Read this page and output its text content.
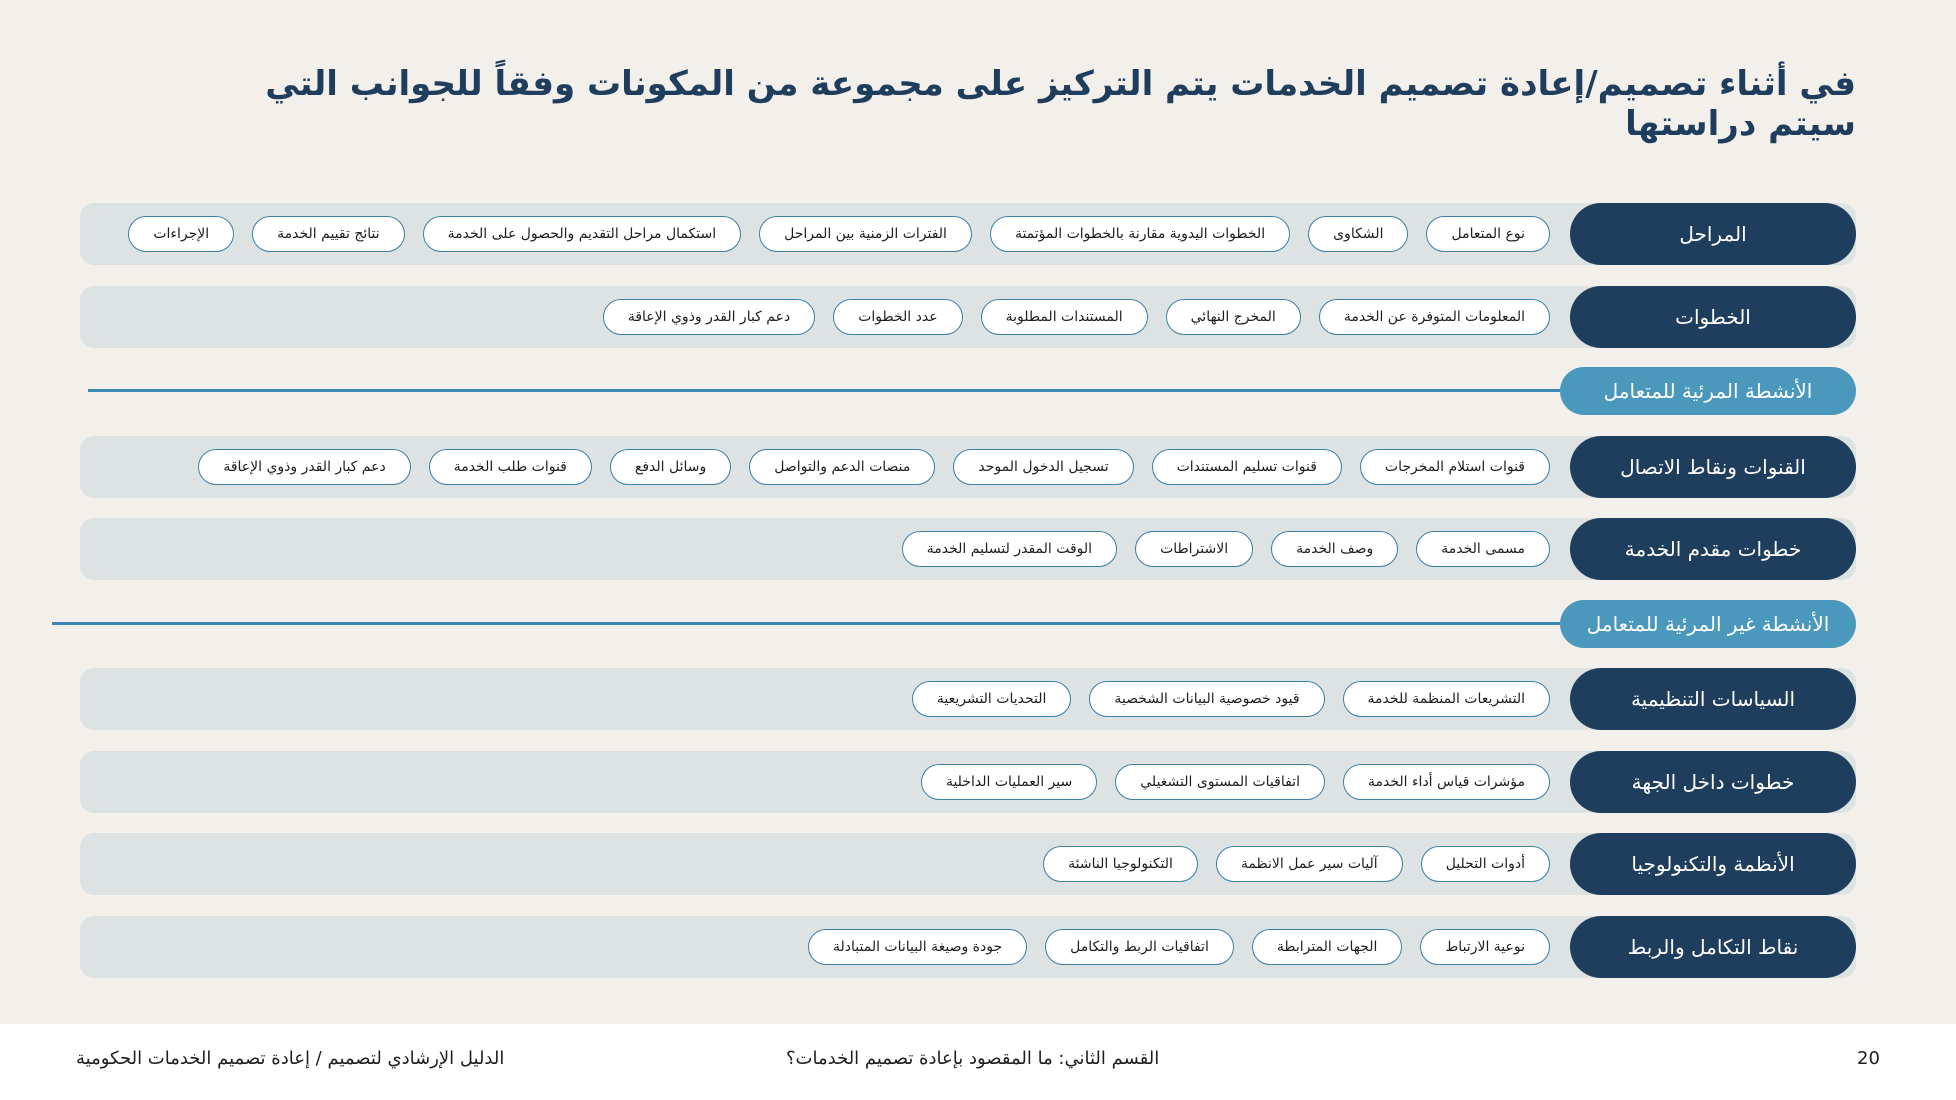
في أثناء تصميم/إعادة تصميم الخدمات يتم التركيز على مجموعة من المكونات وفقاً للجوانب التي سيتم دراستها
المراحل
نوع المتعامل
الشكاوى
الخطوات اليدوية مقارنة بالخطوات المؤتمتة
الفترات الزمنية بين المراحل
استكمال مراحل التقديم والحصول على الخدمة
نتائج تقييم الخدمة
الإجراءات
الخطوات
المعلومات المتوفرة عن الخدمة
المخرج النهائي
المستندات المطلوبة
عدد الخطوات
دعم كبار القدر وذوي الإعاقة
الأنشطة المرئية للمتعامل
القنوات ونقاط الاتصال
قنوات استلام المخرجات
قنوات تسليم المستندات
تسجيل الدخول الموحد
منصات الدعم والتواصل
وسائل الدفع
قنوات طلب الخدمة
دعم كبار القدر وذوي الإعاقة
خطوات مقدم الخدمة
مسمى الخدمة
وصف الخدمة
الاشتراطات
الوقت المقدر لتسليم الخدمة
الأنشطة غير المرئية للمتعامل
السياسات التنظيمية
التشريعات المنظمة للخدمة
قيود خصوصية البيانات الشخصية
التحديات التشريعية
خطوات داخل الجهة
مؤشرات قياس أداء الخدمة
اتفاقيات المستوى التشغيلي
سير العمليات الداخلية
الأنظمة والتكنولوجيا
أدوات التحليل
آليات سير عمل الانظمة
التكنولوجيا الناشئة
نقاط التكامل والربط
نوعية الارتباط
الجهات المترابطة
اتفاقيات الربط والتكامل
جودة وصيغة البيانات المتبادلة
20
القسم الثاني: ما المقصود بإعادة تصميم الخدمات؟
الدليل الإرشادي لتصميم / إعادة تصميم الخدمات الحكومية
